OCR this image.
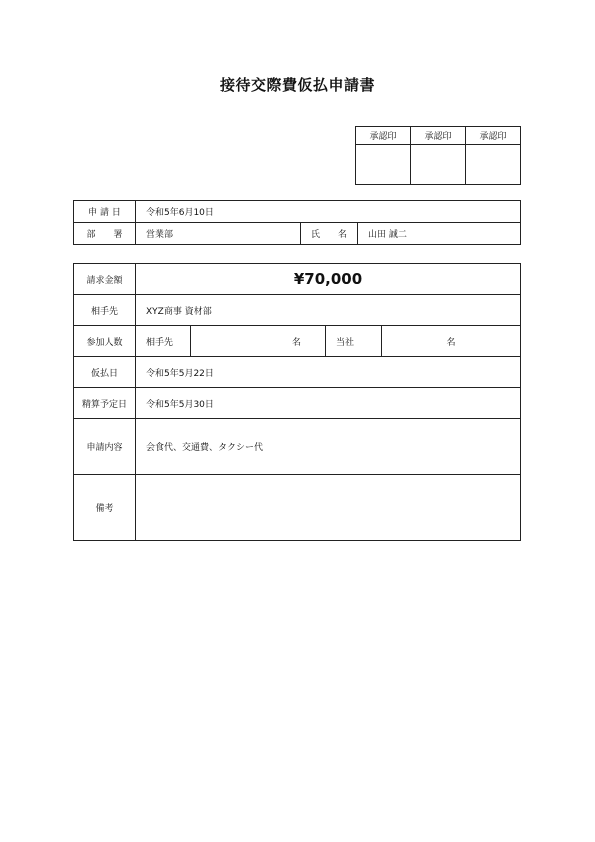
接待交際費仮払申請書
承認印	承認印	承認印

申 請 日	令和5年6月10日		
部　　署	営業部	氏　　名	山田 誠二
請求金額	¥70,000			
相手先	XYZ商事 資材部			
参加人数	相手先	名	当社	名
仮払日	令和5年5月22日			
精算予定日	令和5年5月30日			
申請内容	会食代、交通費、タクシー代			
備考				
